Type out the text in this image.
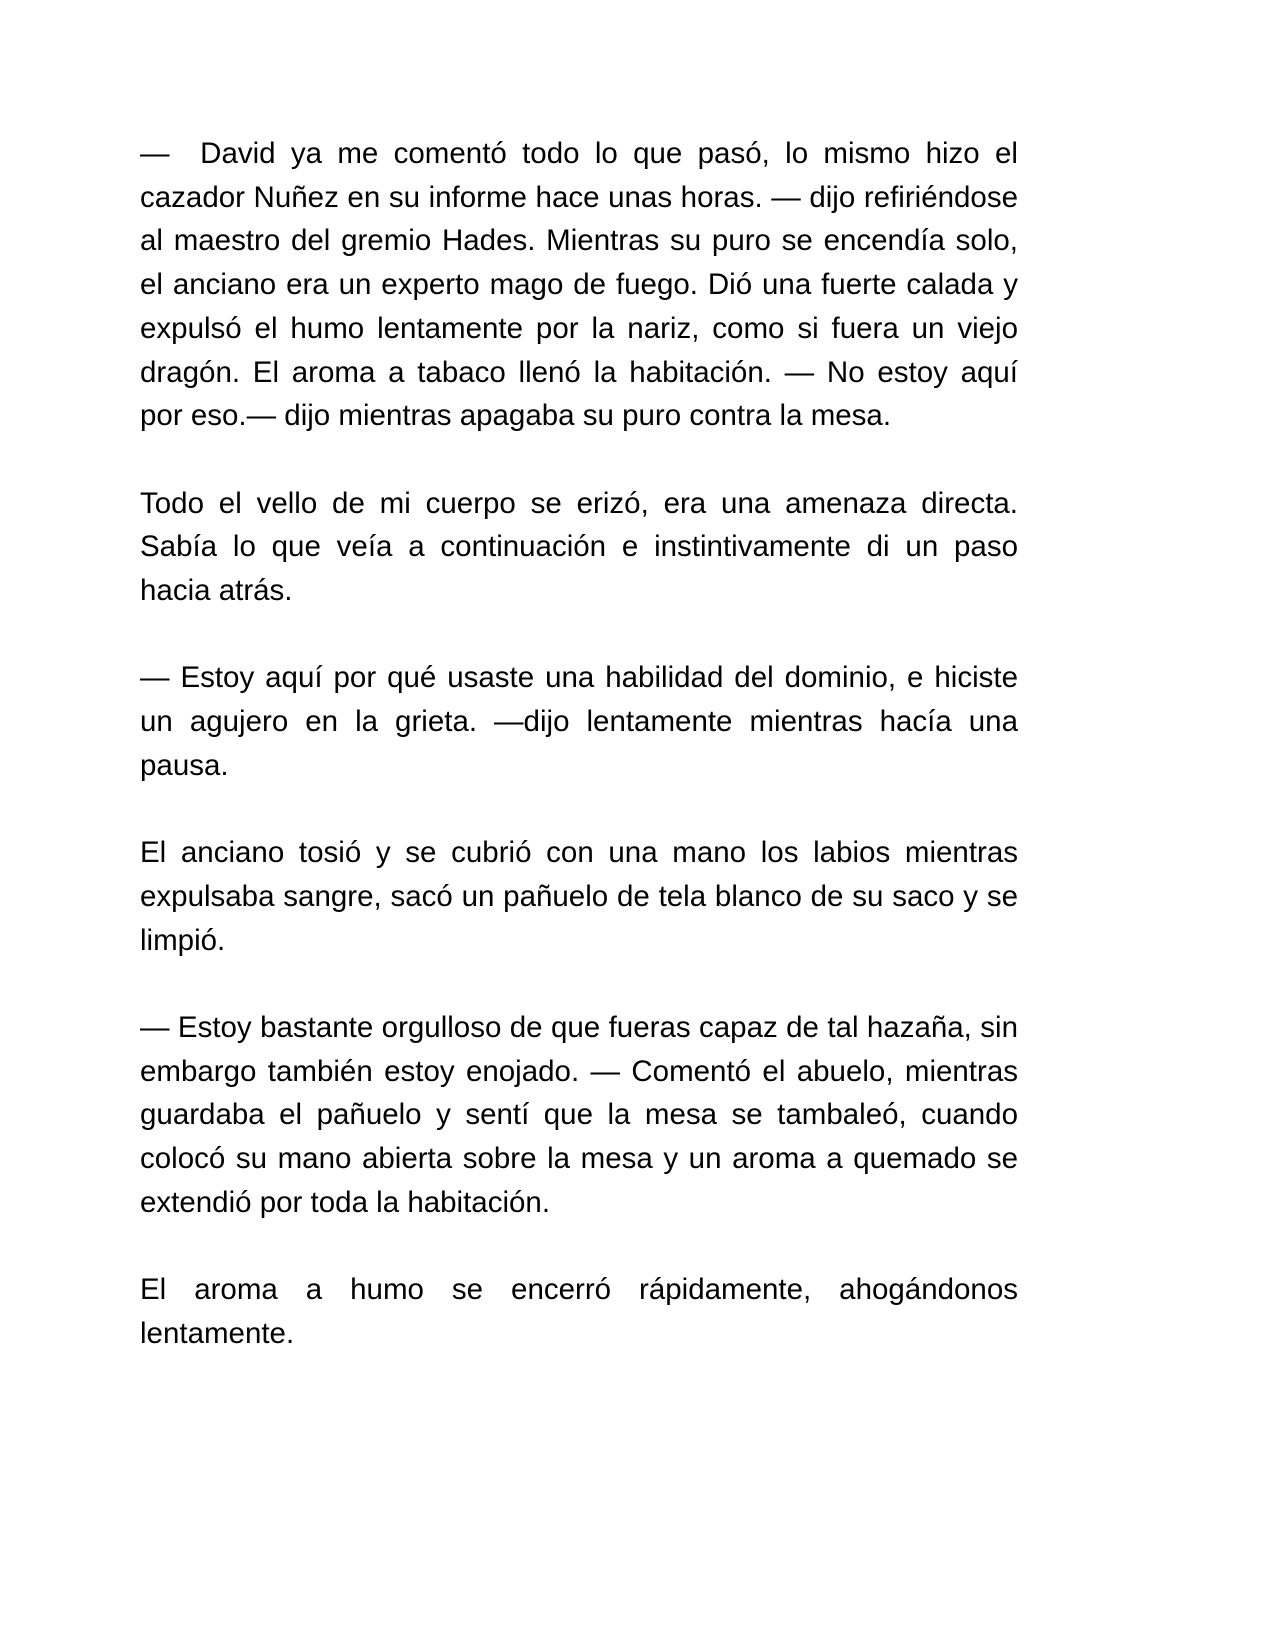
—  David ya me comentó todo lo que pasó, lo mismo hizo el cazador Nuñez en su informe hace unas horas. — dijo refiriéndose al maestro del gremio Hades. Mientras su puro se encendía solo, el anciano era un experto mago de fuego. Dió una fuerte calada y expulsó el humo lentamente por la nariz, como si fuera un viejo dragón. El aroma a tabaco llenó la habitación. — No estoy aquí por eso.— dijo mientras apagaba su puro contra la mesa.

Todo el vello de mi cuerpo se erizó, era una amenaza directa. Sabía lo que veía a continuación e instintivamente di un paso hacia atrás.

— Estoy aquí por qué usaste una habilidad del dominio, e hiciste un agujero en la grieta. —dijo lentamente mientras hacía una pausa.

El anciano tosió y se cubrió con una mano los labios mientras expulsaba sangre, sacó un pañuelo de tela blanco de su saco y se limpió.

— Estoy bastante orgulloso de que fueras capaz de tal hazaña, sin embargo también estoy enojado. — Comentó el abuelo, mientras guardaba el pañuelo y sentí que la mesa se tambaleó, cuando colocó su mano abierta sobre la mesa y un aroma a quemado se extendió por toda la habitación.

El aroma a humo se encerró rápidamente, ahogándonos lentamente.
